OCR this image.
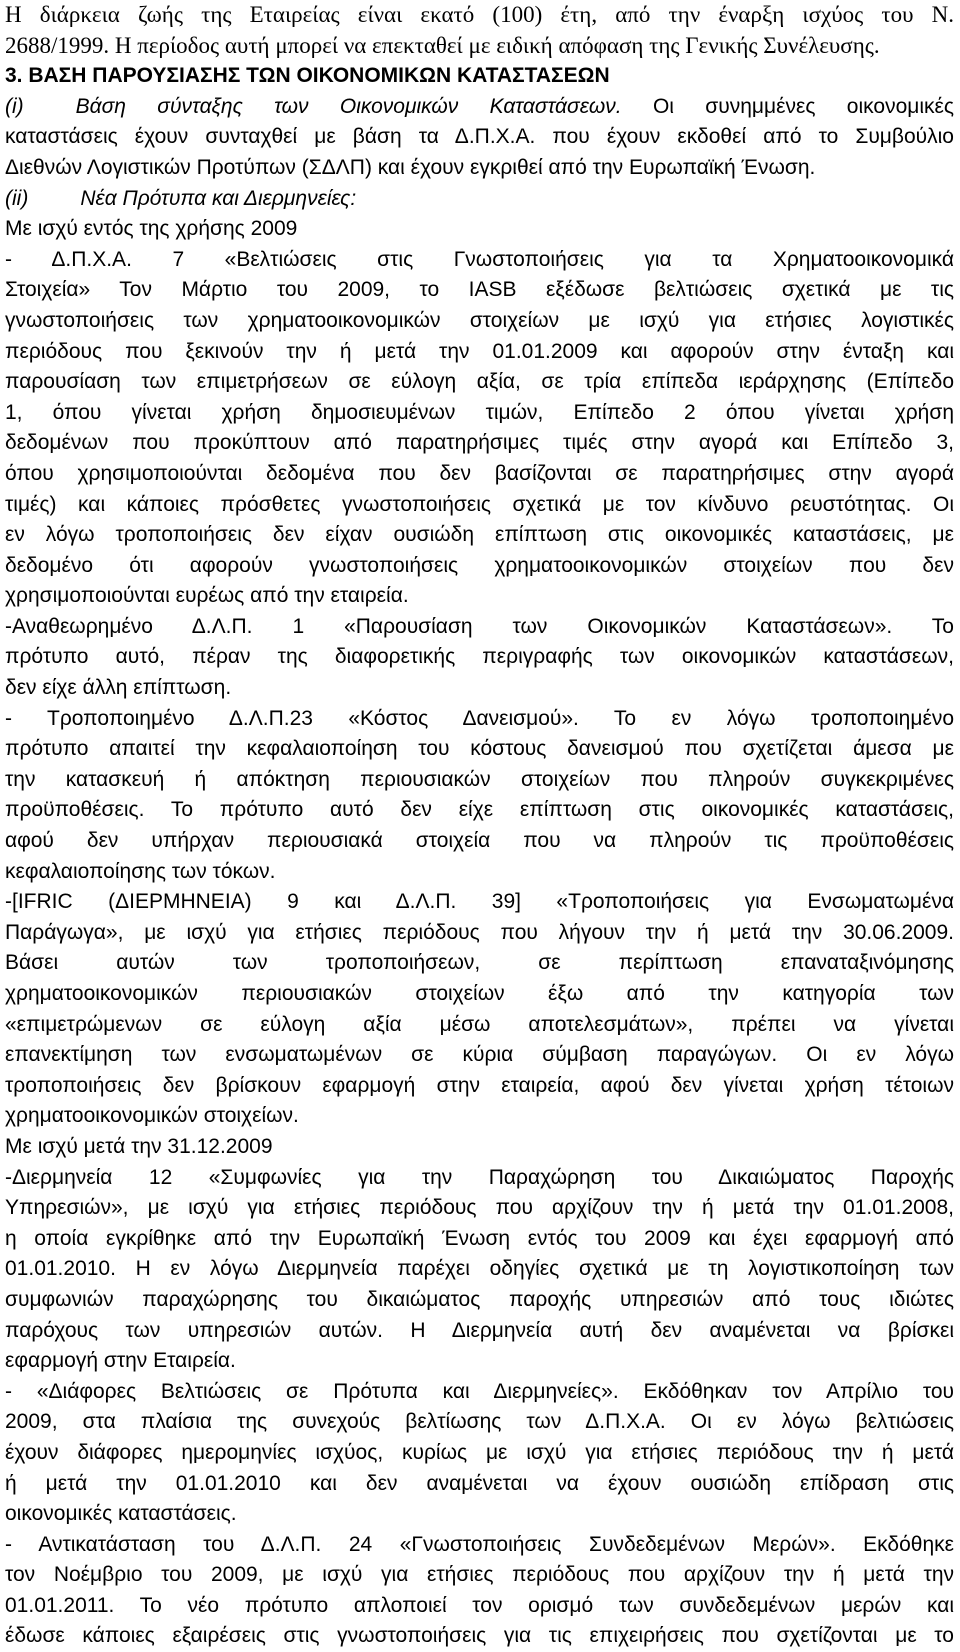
Η διάρκεια ζωής της Εταιρείας είναι εκατό (100) έτη, από την έναρξη ισχύος του Ν.
2688/1999. Η περίοδος αυτή μπορεί να επεκταθεί με ειδική απόφαση της Γενικής Συνέλευσης.
3. ΒΑΣΗ ΠΑΡΟΥΣΙΑΣΗΣ ΤΩΝ ΟΙΚΟΝΟΜΙΚΩΝ ΚΑΤΑΣΤΑΣΕΩΝ
(i) Βάση σύνταξης των Οικονομικών Καταστάσεων. Οι συνημμένες οικονομικές
καταστάσεις έχουν συνταχθεί με βάση τα Δ.Π.Χ.Α. που έχουν εκδοθεί από το Συμβούλιο
Διεθνών Λογιστικών Προτύπων (ΣΔΛΠ) και έχουν εγκριθεί από την Ευρωπαϊκή Ένωση.
(ii) Νέα Πρότυπα και Διερμηνείες:
Με ισχύ εντός της χρήσης 2009
- Δ.Π.Χ.Α. 7 «Βελτιώσεις στις Γνωστοποιήσεις για τα Χρηματοοικονομικά
Στοιχεία» Τον Μάρτιο του 2009, το IASB εξέδωσε βελτιώσεις σχετικά με τις
γνωστοποιήσεις των χρηματοοικονομικών στοιχείων με ισχύ για ετήσιες λογιστικές
περιόδους που ξεκινούν την ή μετά την 01.01.2009 και αφορούν στην ένταξη και
παρουσίαση των επιμετρήσεων σε εύλογη αξία, σε τρία επίπεδα ιεράρχησης (Επίπεδο
1, όπου γίνεται χρήση δημοσιευμένων τιμών, Επίπεδο 2 όπου γίνεται χρήση
δεδομένων που προκύπτουν από παρατηρήσιμες τιμές στην αγορά και Επίπεδο 3,
όπου χρησιμοποιούνται δεδομένα που δεν βασίζονται σε παρατηρήσιμες στην αγορά
τιμές) και κάποιες πρόσθετες γνωστοποιήσεις σχετικά με τον κίνδυνο ρευστότητας. Οι
εν λόγω τροποποιήσεις δεν είχαν ουσιώδη επίπτωση στις οικονομικές καταστάσεις, με
δεδομένο ότι αφορούν γνωστοποιήσεις χρηματοοικονομικών στοιχείων που δεν
χρησιμοποιούνται ευρέως από την εταιρεία.
-Αναθεωρημένο Δ.Λ.Π. 1 «Παρουσίαση των Οικονομικών Καταστάσεων». Το
πρότυπο αυτό, πέραν της διαφορετικής περιγραφής των οικονομικών καταστάσεων,
δεν είχε άλλη επίπτωση.
- Τροποποιημένο Δ.Λ.Π.23 «Κόστος Δανεισμού». Το εν λόγω τροποποιημένο
πρότυπο απαιτεί την κεφαλαιοποίηση του κόστους δανεισμού που σχετίζεται άμεσα με
την κατασκευή ή απόκτηση περιουσιακών στοιχείων που πληρούν συγκεκριμένες
προϋποθέσεις. Το πρότυπο αυτό δεν είχε επίπτωση στις οικονομικές καταστάσεις,
αφού δεν υπήρχαν περιουσιακά στοιχεία που να πληρούν τις προϋποθέσεις
κεφαλαιοποίησης των τόκων.
-[IFRIC (ΔΙΕΡΜΗΝΕΙΑ) 9 και Δ.Λ.Π. 39] «Τροποποιήσεις για Ενσωματωμένα
Παράγωγα», με ισχύ για ετήσιες περιόδους που λήγουν την ή μετά την 30.06.2009.
Βάσει αυτών των τροποποιήσεων, σε περίπτωση επαναταξινόμησης
χρηματοοικονομικών περιουσιακών στοιχείων έξω από την κατηγορία των
«επιμετρώμενων σε εύλογη αξία μέσω αποτελεσμάτων», πρέπει να γίνεται
επανεκτίμηση των ενσωματωμένων σε κύρια σύμβαση παραγώγων. Οι εν λόγω
τροποποιήσεις δεν βρίσκουν εφαρμογή στην εταιρεία, αφού δεν γίνεται χρήση τέτοιων
χρηματοοικονομικών στοιχείων.
Με ισχύ μετά την 31.12.2009
-Διερμηνεία 12 «Συμφωνίες για την Παραχώρηση του Δικαιώματος Παροχής
Υπηρεσιών», με ισχύ για ετήσιες περιόδους που αρχίζουν την ή μετά την 01.01.2008,
η οποία εγκρίθηκε από την Ευρωπαϊκή Ένωση εντός του 2009 και έχει εφαρμογή από
01.01.2010. Η εν λόγω Διερμηνεία παρέχει οδηγίες σχετικά με τη λογιστικοποίηση των
συμφωνιών παραχώρησης του δικαιώματος παροχής υπηρεσιών από τους ιδιώτες
παρόχους των υπηρεσιών αυτών. Η Διερμηνεία αυτή δεν αναμένεται να βρίσκει
εφαρμογή στην Εταιρεία.
- «Διάφορες Βελτιώσεις σε Πρότυπα και Διερμηνείες». Εκδόθηκαν τον Απρίλιο του
2009, στα πλαίσια της συνεχούς βελτίωσης των Δ.Π.Χ.Α. Οι εν λόγω βελτιώσεις
έχουν διάφορες ημερομηνίες ισχύος, κυρίως με ισχύ για ετήσιες περιόδους την ή μετά
ή μετά την 01.01.2010 και δεν αναμένεται να έχουν ουσιώδη επίδραση στις
οικονομικές καταστάσεις.
- Αντικατάσταση του Δ.Λ.Π. 24 «Γνωστοποιήσεις Συνδεδεμένων Μερών». Εκδόθηκε
τον Νοέμβριο του 2009, με ισχύ για ετήσιες περιόδους που αρχίζουν την ή μετά την
01.01.2011. Το νέο πρότυπο απλοποιεί τον ορισμό των συνδεδεμένων μερών και
έδωσε κάποιες εξαιρέσεις στις γνωστοποιήσεις για τις επιχειρήσεις που σχετίζονται με το
